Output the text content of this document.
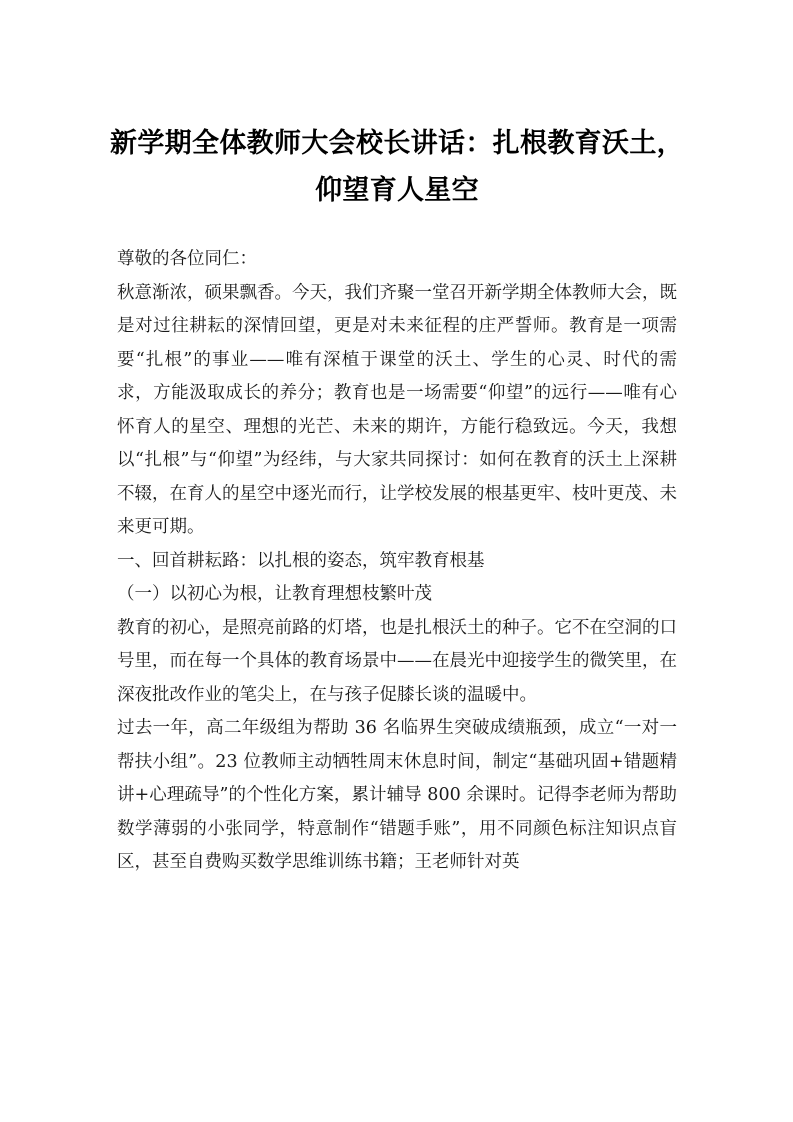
新学期全体教师大会校长讲话：扎根教育沃土，仰望育人星空

尊敬的各位同仁：

秋意渐浓，硕果飘香。今天，我们齐聚一堂召开新学期全体教师大会，既是对过往耕耘的深情回望，更是对未来征程的庄严誓师。教育是一项需要“扎根”的事业——唯有深植于课堂的沃土、学生的心灵、时代的需求，方能汲取成长的养分；教育也是一场需要“仰望”的远行——唯有心怀育人的星空、理想的光芒、未来的期许，方能行稳致远。今天，我想以“扎根”与“仰望”为经纬，与大家共同探讨：如何在教育的沃土上深耕不辍，在育人的星空中逐光而行，让学校发展的根基更牢、枝叶更茂、未来更可期。

一、回首耕耘路：以扎根的姿态，筑牢教育根基

（一）以初心为根，让教育理想枝繁叶茂

教育的初心，是照亮前路的灯塔，也是扎根沃土的种子。它不在空洞的口号里，而在每一个具体的教育场景中——在晨光中迎接学生的微笑里，在深夜批改作业的笔尖上，在与孩子促膝长谈的温暖中。

过去一年，高二年级组为帮助 36 名临界生突破成绩瓶颈，成立“一对一帮扶小组”。23 位教师主动牺牲周末休息时间，制定“基础巩固+错题精讲+心理疏导”的个性化方案，累计辅导 800 余课时。记得李老师为帮助数学薄弱的小张同学，特意制作“错题手账”，用不同颜色标注知识点盲区，甚至自费购买数学思维训练书籍；王老师针对英
